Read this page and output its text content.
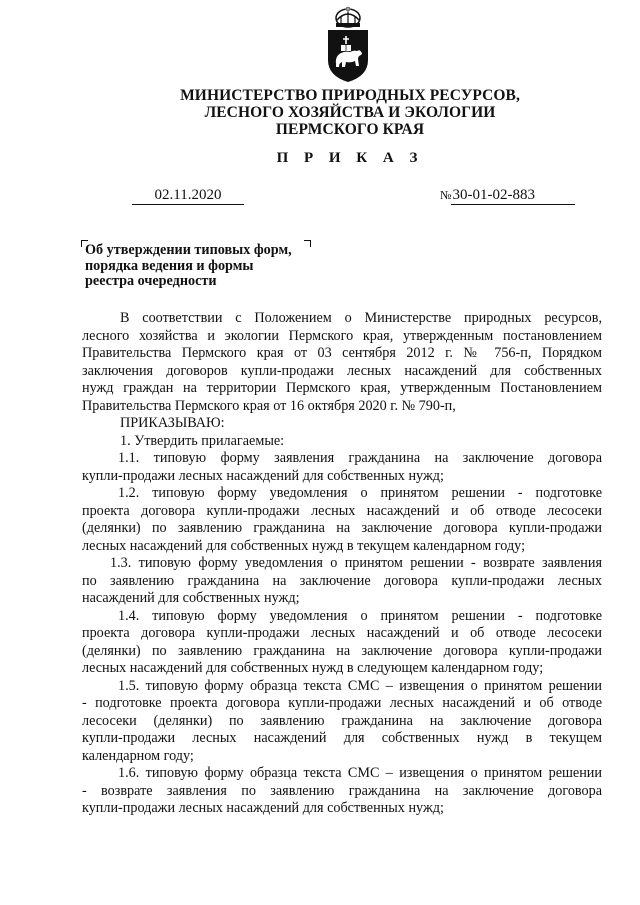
МИНИСТЕРСТВО ПРИРОДНЫХ РЕСУРСОВ,
ЛЕСНОГО ХОЗЯЙСТВА И ЭКОЛОГИИ
ПЕРМСКОГО КРАЯ
П Р И К А З
02.11.2020	№30-01-02-883
Об утверждении типовых форм,
порядка ведения и формы
реестра очередности
В соответствии с Положением о Министерстве природных ресурсов,
лесного хозяйства и экологии Пермского края, утвержденным постановлением
Правительства Пермского края от 03 сентября 2012 г. № 756-п, Порядком
заключения договоров купли-продажи лесных насаждений для собственных
нужд граждан на территории Пермского края, утвержденным Постановлением
Правительства Пермского края от 16 октября 2020 г. № 790-п,
ПРИКАЗЫВАЮ:
1. Утвердить прилагаемые:
1.1. типовую форму заявления гражданина на заключение договора
купли-продажи лесных насаждений для собственных нужд;
1.2. типовую форму уведомления о принятом решении - подготовке
проекта договора купли-продажи лесных насаждений и об отводе лесосеки
(делянки) по заявлению гражданина на заключение договора купли-продажи
лесных насаждений для собственных нужд в текущем календарном году;
1.3. типовую форму уведомления о принятом решении - возврате заявления
по заявлению гражданина на заключение договора купли-продажи лесных
насаждений для собственных нужд;
1.4. типовую форму уведомления о принятом решении - подготовке
проекта договора купли-продажи лесных насаждений и об отводе лесосеки
(делянки) по заявлению гражданина на заключение договора купли-продажи
лесных насаждений для собственных нужд в следующем календарном году;
1.5. типовую форму образца текста СМС – извещения о принятом решении
- подготовке проекта договора купли-продажи лесных насаждений и об отводе
лесосеки (делянки) по заявлению гражданина на заключение договора
купли-продажи лесных насаждений для собственных нужд в текущем
календарном году;
1.6. типовую форму образца текста СМС – извещения о принятом решении
- возврате заявления по заявлению гражданина на заключение договора
купли-продажи лесных насаждений для собственных нужд;
